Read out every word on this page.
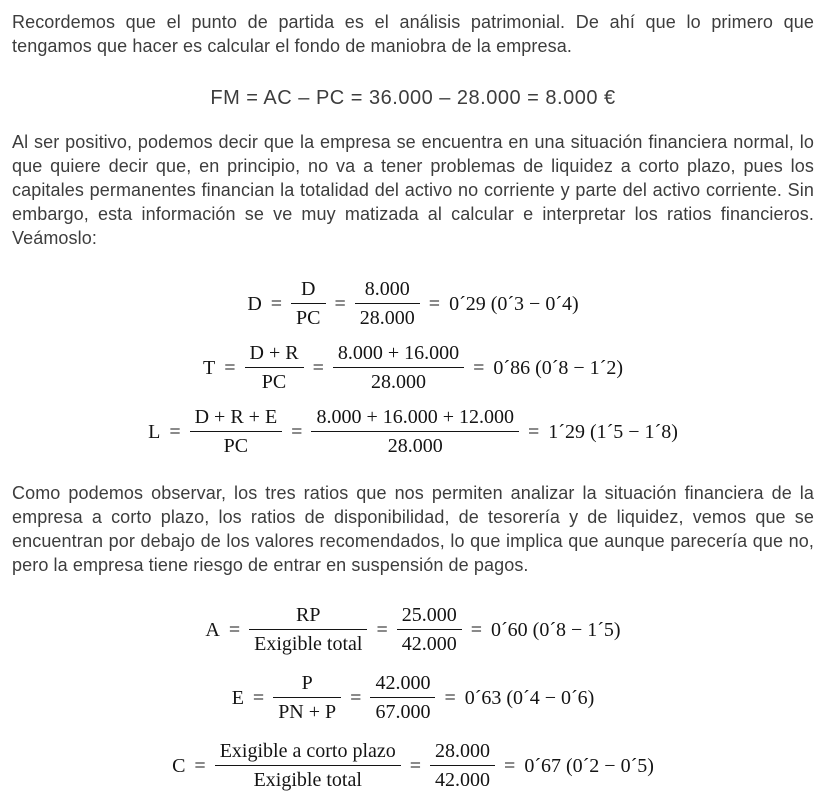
Recordemos que el punto de partida es el análisis patrimonial. De ahí que lo primero que tengamos que hacer es calcular el fondo de maniobra de la empresa.

FM = AC – PC = 36.000 – 28.000 = 8.000 €

Al ser positivo, podemos decir que la empresa se encuentra en una situación financiera normal, lo que quiere decir que, en principio, no va a tener problemas de liquidez a corto plazo, pues los capitales permanentes financian la totalidad del activo no corriente y parte del activo corriente. Sin embargo, esta información se ve muy matizada al calcular e interpretar los ratios financieros. Veámoslo:

$D = \frac{D}{PC} = \frac{8.000}{28.000}$ = 0´29 (0´3 − 0´4)
$T = \frac{D + R}{PC} = \frac{8.000 + 16.000}{28.000}$ = 0´86 (0´8 − 1´2)
$L = \frac{D + R + E}{PC} = \frac{8.000 + 16.000 + 12.000}{28.000}$ = 1´29 (1´5 − 1´8)

Como podemos observar, los tres ratios que nos permiten analizar la situación financiera de la empresa a corto plazo, los ratios de disponibilidad, de tesorería y de liquidez, vemos que se encuentran por debajo de los valores recomendados, lo que implica que aunque parecería que no, pero la empresa tiene riesgo de entrar en suspensión de pagos.

$A = \frac{RP}{\text{Exigible total}} = \frac{25.000}{42.000}$ = 0´60 (0´8 − 1´5)
$E = \frac{P}{PN + P} = \frac{42.000}{67.000}$ = 0´63 (0´4 − 0´6)
$C = \frac{\text{Exigible a corto plazo}}{\text{Exigible total}} = \frac{28.000}{42.000}$ = 0´67 (0´2 − 0´5)
